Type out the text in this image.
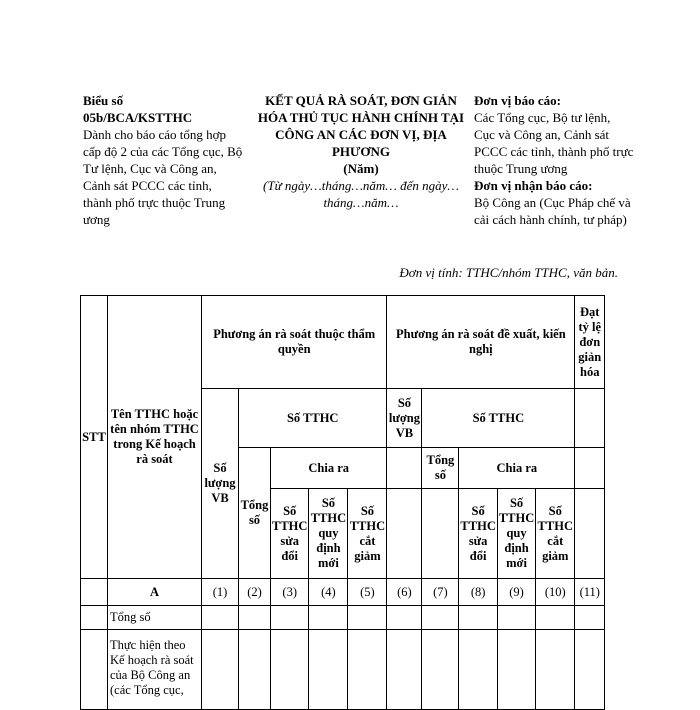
Biểu số
05b/BCA/KSTTHC
Dành cho báo cáo tổng hợp cấp độ 2 của các Tổng cục, Bộ Tư lệnh, Cục và Công an, Cảnh sát PCCC các tỉnh, thành phố trực thuộc Trung ương
KẾT QUẢ RÀ SOÁT, ĐƠN GIẢN HÓA THỦ TỤC HÀNH CHÍNH TẠI CÔNG AN CÁC ĐƠN VỊ, ĐỊA PHƯƠNG
(Năm)
(Từ ngày…tháng…năm… đến ngày…tháng…năm…
Đơn vị báo cáo:
Các Tổng cục, Bộ tư lệnh, Cục và Công an, Cảnh sát PCCC các tỉnh, thành phố trực thuộc Trung ương
Đơn vị nhận báo cáo:
Bộ Công an (Cục Pháp chế và cải cách hành chính, tư pháp)
Đơn vị tính: TTHC/nhóm TTHC, văn bản.
STT	Tên TTHC hoặc tên nhóm TTHC trong Kế hoạch rà soát	Phương án rà soát thuộc thẩm quyền					Phương án rà soát đề xuất, kiến nghị					Đạt tỷ lệ đơn giản hóa
		Số lượng VB	Số TTHC				Số lượng VB	Số TTHC				
			Tổng số	Chia ra				Tổng số	Chia ra			
				Số TTHC sửa đổi	Số TTHC quy định mới	Số TTHC cắt giảm			Số TTHC sửa đổi	Số TTHC quy định mới	Số TTHC cắt giảm	
	A	(1)	(2)	(3)	(4)	(5)	(6)	(7)	(8)	(9)	(10)	(11)
	Tổng số											
	Thực hiện theo Kế hoạch rà soát của Bộ Công an (các Tổng cục,											
